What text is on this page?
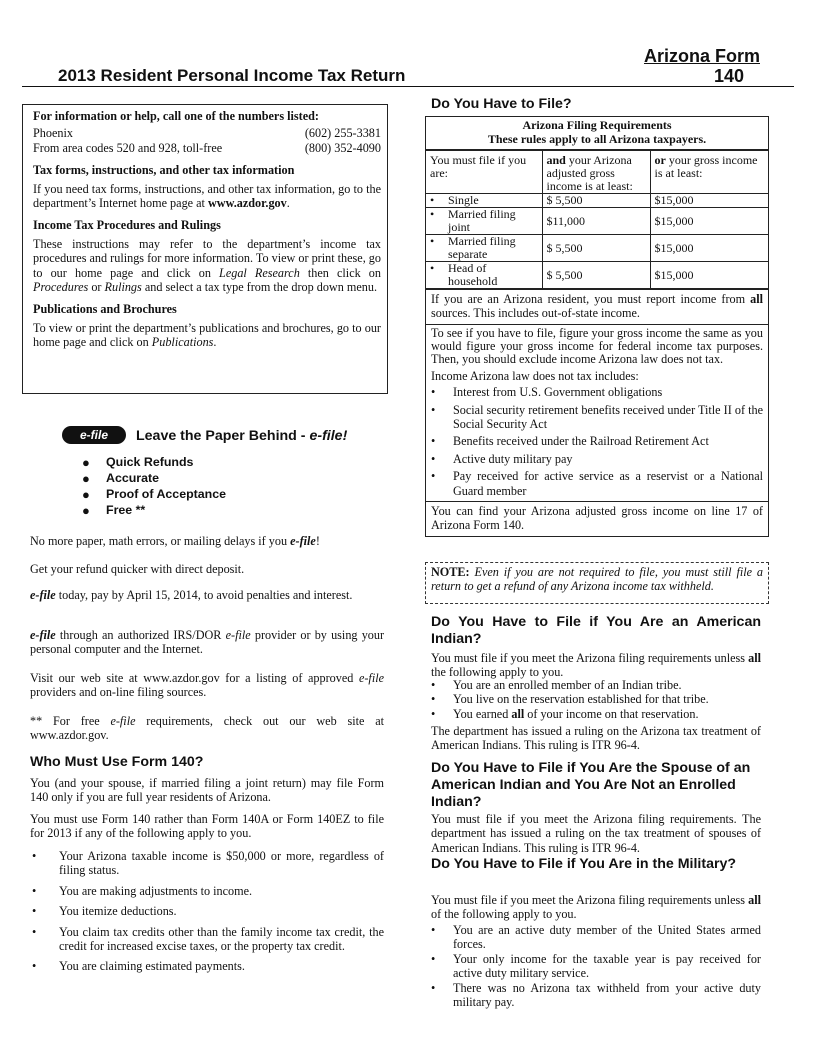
Arizona Form
140
2013 Resident Personal Income Tax Return
For information or help, call one of the numbers listed:
Phoenix	(602) 255-3381
From area codes 520 and 928, toll-free	(800) 352-4090
Tax forms, instructions, and other tax information

If you need tax forms, instructions, and other tax information, go to the department’s Internet home page at www.azdor.gov.

Income Tax Procedures and Rulings

These instructions may refer to the department’s income tax procedures and rulings for more information. To view or print these, go to our home page and click on Legal Research then click on Procedures or Rulings and select a tax type from the drop down menu.

Publications and Brochures

To view or print the department’s publications and brochures, go to our home page and click on Publications.

e-file	Leave the Paper Behind - e-file!
●	Quick Refunds
●	Accurate
●	Proof of Acceptance
●	Free **
No more paper, math errors, or mailing delays if you e-file!
Get your refund quicker with direct deposit.
e-file today, pay by April 15, 2014, to avoid penalties and interest.
e-file through an authorized IRS/DOR e-file provider or by using your personal computer and the Internet.
Visit our web site at www.azdor.gov for a listing of approved e-file providers and on-line filing sources.
** For free e-file requirements, check out our web site at www.azdor.gov.
Who Must Use Form 140?
You (and your spouse, if married filing a joint return) may file Form 140 only if you are full year residents of Arizona.
You must use Form 140 rather than Form 140A or Form 140EZ to file for 2013 if any of the following apply to you.
•	Your Arizona taxable income is $50,000 or more, regardless of filing status.
•	You are making adjustments to income.
•	You itemize deductions.
•	You claim tax credits other than the family income tax credit, the credit for increased excise taxes, or the property tax credit.
•	You are claiming estimated payments.
Do You Have to File?
Arizona Filing Requirements
These rules apply to all Arizona taxpayers.
You must file if you are:	and your Arizona adjusted gross income is at least:	or your gross income is at least:

• Single	$ 5,500	$15,000

• Married filing joint	$11,000	$15,000

• Married filing separate	$ 5,500	$15,000

• Head of household	$ 5,500	$15,000
If you are an Arizona resident, you must report income from all sources. This includes out-of-state income.
To see if you have to file, figure your gross income the same as you would figure your gross income for federal income tax purposes. Then, you should exclude income Arizona law does not tax.
Income Arizona law does not tax includes:
•	Interest from U.S. Government obligations
•	Social security retirement benefits received under Title II of the Social Security Act
•	Benefits received under the Railroad Retirement Act
•	Active duty military pay
•	Pay received for active service as a reservist or a National Guard member
You can find your Arizona adjusted gross income on line 17 of Arizona Form 140.
NOTE: Even if you are not required to file, you must still file a return to get a refund of any Arizona income tax withheld.
Do You Have to File if You Are an American Indian?
You must file if you meet the Arizona filing requirements unless all the following apply to you.
•	You are an enrolled member of an Indian tribe.
•	You live on the reservation established for that tribe.
•	You earned all of your income on that reservation.
The department has issued a ruling on the Arizona tax treatment of American Indians. This ruling is ITR 96-4.
Do You Have to File if You Are the Spouse of an American Indian and You Are Not an Enrolled Indian?
You must file if you meet the Arizona filing requirements. The department has issued a ruling on the tax treatment of spouses of American Indians. This ruling is ITR 96-4.
Do You Have to File if You Are in the Military?
You must file if you meet the Arizona filing requirements unless all of the following apply to you.
•	You are an active duty member of the United States armed forces.
•	Your only income for the taxable year is pay received for active duty military service.
•	There was no Arizona tax withheld from your active duty military pay.
